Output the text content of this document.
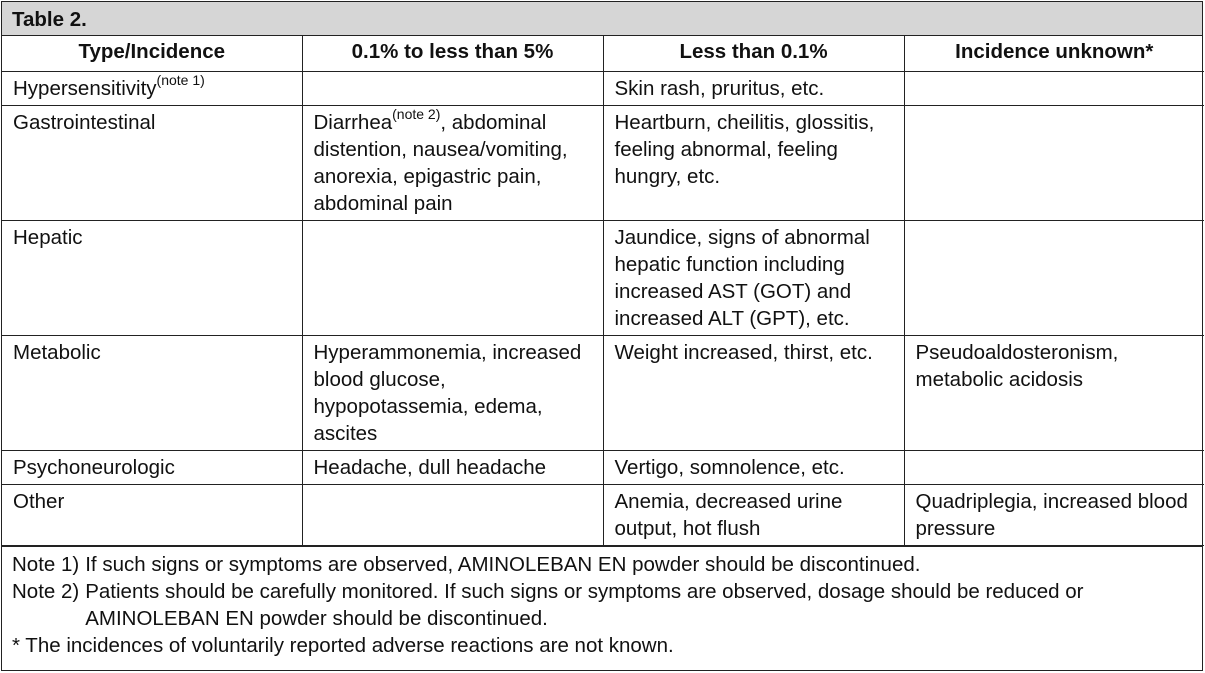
Table 2.
Type/Incidence	0.1% to less than 5%	Less than 0.1%	Incidence unknown*
Hypersensitivity$^{(note 1)}$		Skin rash, pruritus, etc.	
Gastrointestinal	Diarrhea$^{(note 2)}$, abdominal distention, nausea/vomiting, anorexia, epigastric pain, abdominal pain	Heartburn, cheilitis, glossitis, feeling abnormal, feeling hungry, etc.	
Hepatic		Jaundice, signs of abnormal hepatic function including increased AST (GOT) and increased ALT (GPT), etc.	
Metabolic	Hyperammonemia, increased blood glucose, hypopotassemia, edema, ascites	Weight increased, thirst, etc.	Pseudoaldosteronism, metabolic acidosis
Psychoneurologic	Headache, dull headache	Vertigo, somnolence, etc.	
Other		Anemia, decreased urine output, hot flush	Quadriplegia, increased blood pressure
Note 1) If such signs or symptoms are observed, AMINOLEBAN EN powder should be discontinued.
Note 2) Patients should be carefully monitored. If such signs or symptoms are observed, dosage should be reduced or AMINOLEBAN EN powder should be discontinued.
* The incidences of voluntarily reported adverse reactions are not known.
